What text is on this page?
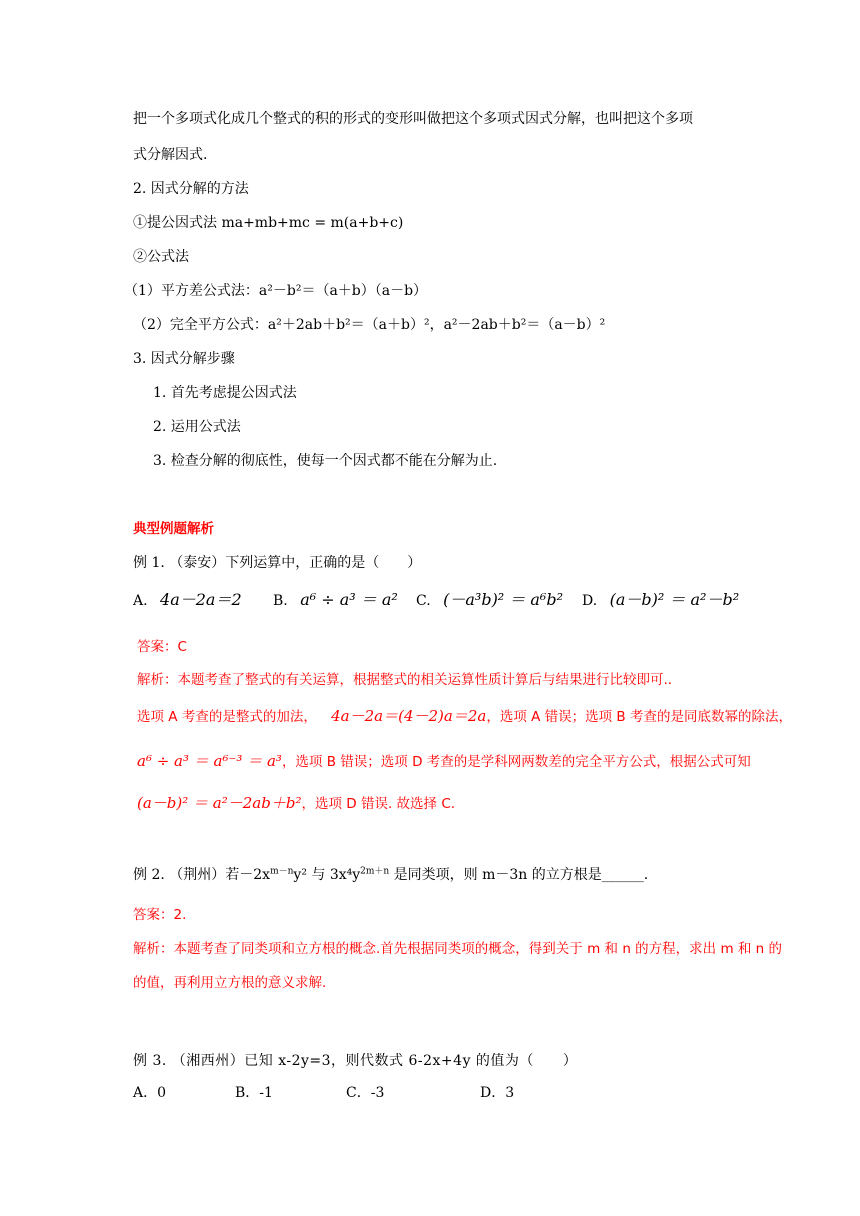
把一个多项式化成几个整式的积的形式的变形叫做把这个多项式因式分解，也叫把这个多项
式分解因式.
2. 因式分解的方法
①提公因式法 ma+mb+mc = m(a+b+c)
②公式法
（1）平方差公式法：a²－b²＝（a＋b）（a－b）
（2）完全平方公式：a²＋2ab＋b²＝（a＋b）²，a²－2ab＋b²＝（a－b）²
3. 因式分解步骤
1. 首先考虑提公因式法
2. 运用公式法
3. 检查分解的彻底性，使每一个因式都不能在分解为止.
典型例题解析
例 1. （泰安）下列运算中，正确的是（　　）
A. 4a－2a＝2 B. a⁶ ÷ a³ ＝ a² C. (－a³b)² ＝ a⁶b² D. (a－b)² ＝ a²－b²
答案：C
解析：本题考查了整式的有关运算，根据整式的相关运算性质计算后与结果进行比较即可..
选项 A 考查的是整式的加法， 4a－2a＝(4－2)a＝2a，选项 A 错误；选项 B 考查的是同底数幂的除法，
a⁶ ÷ a³ ＝ a⁶⁻³ ＝ a³，选项 B 错误；选项 D 考查的是学科网两数差的完全平方公式，根据公式可知
(a－b)² ＝ a²－2ab＋b²，选项 D 错误. 故选择 C.
例 2. （荆州）若$-2x^{m-n}y^2$ 与 $3x^4y^{2m+n}$ 是同类项，则 m－3n 的立方根是______.
答案：2.
解析：本题考查了同类项和立方根的概念.首先根据同类项的概念，得到关于 m 和 n 的方程，求出 m 和 n 的
的值，再利用立方根的意义求解.
例 3. （湘西州）已知 x-2y=3，则代数式 6-2x+4y 的值为（　　）
A．0	B．-1	C．-3	D．3
